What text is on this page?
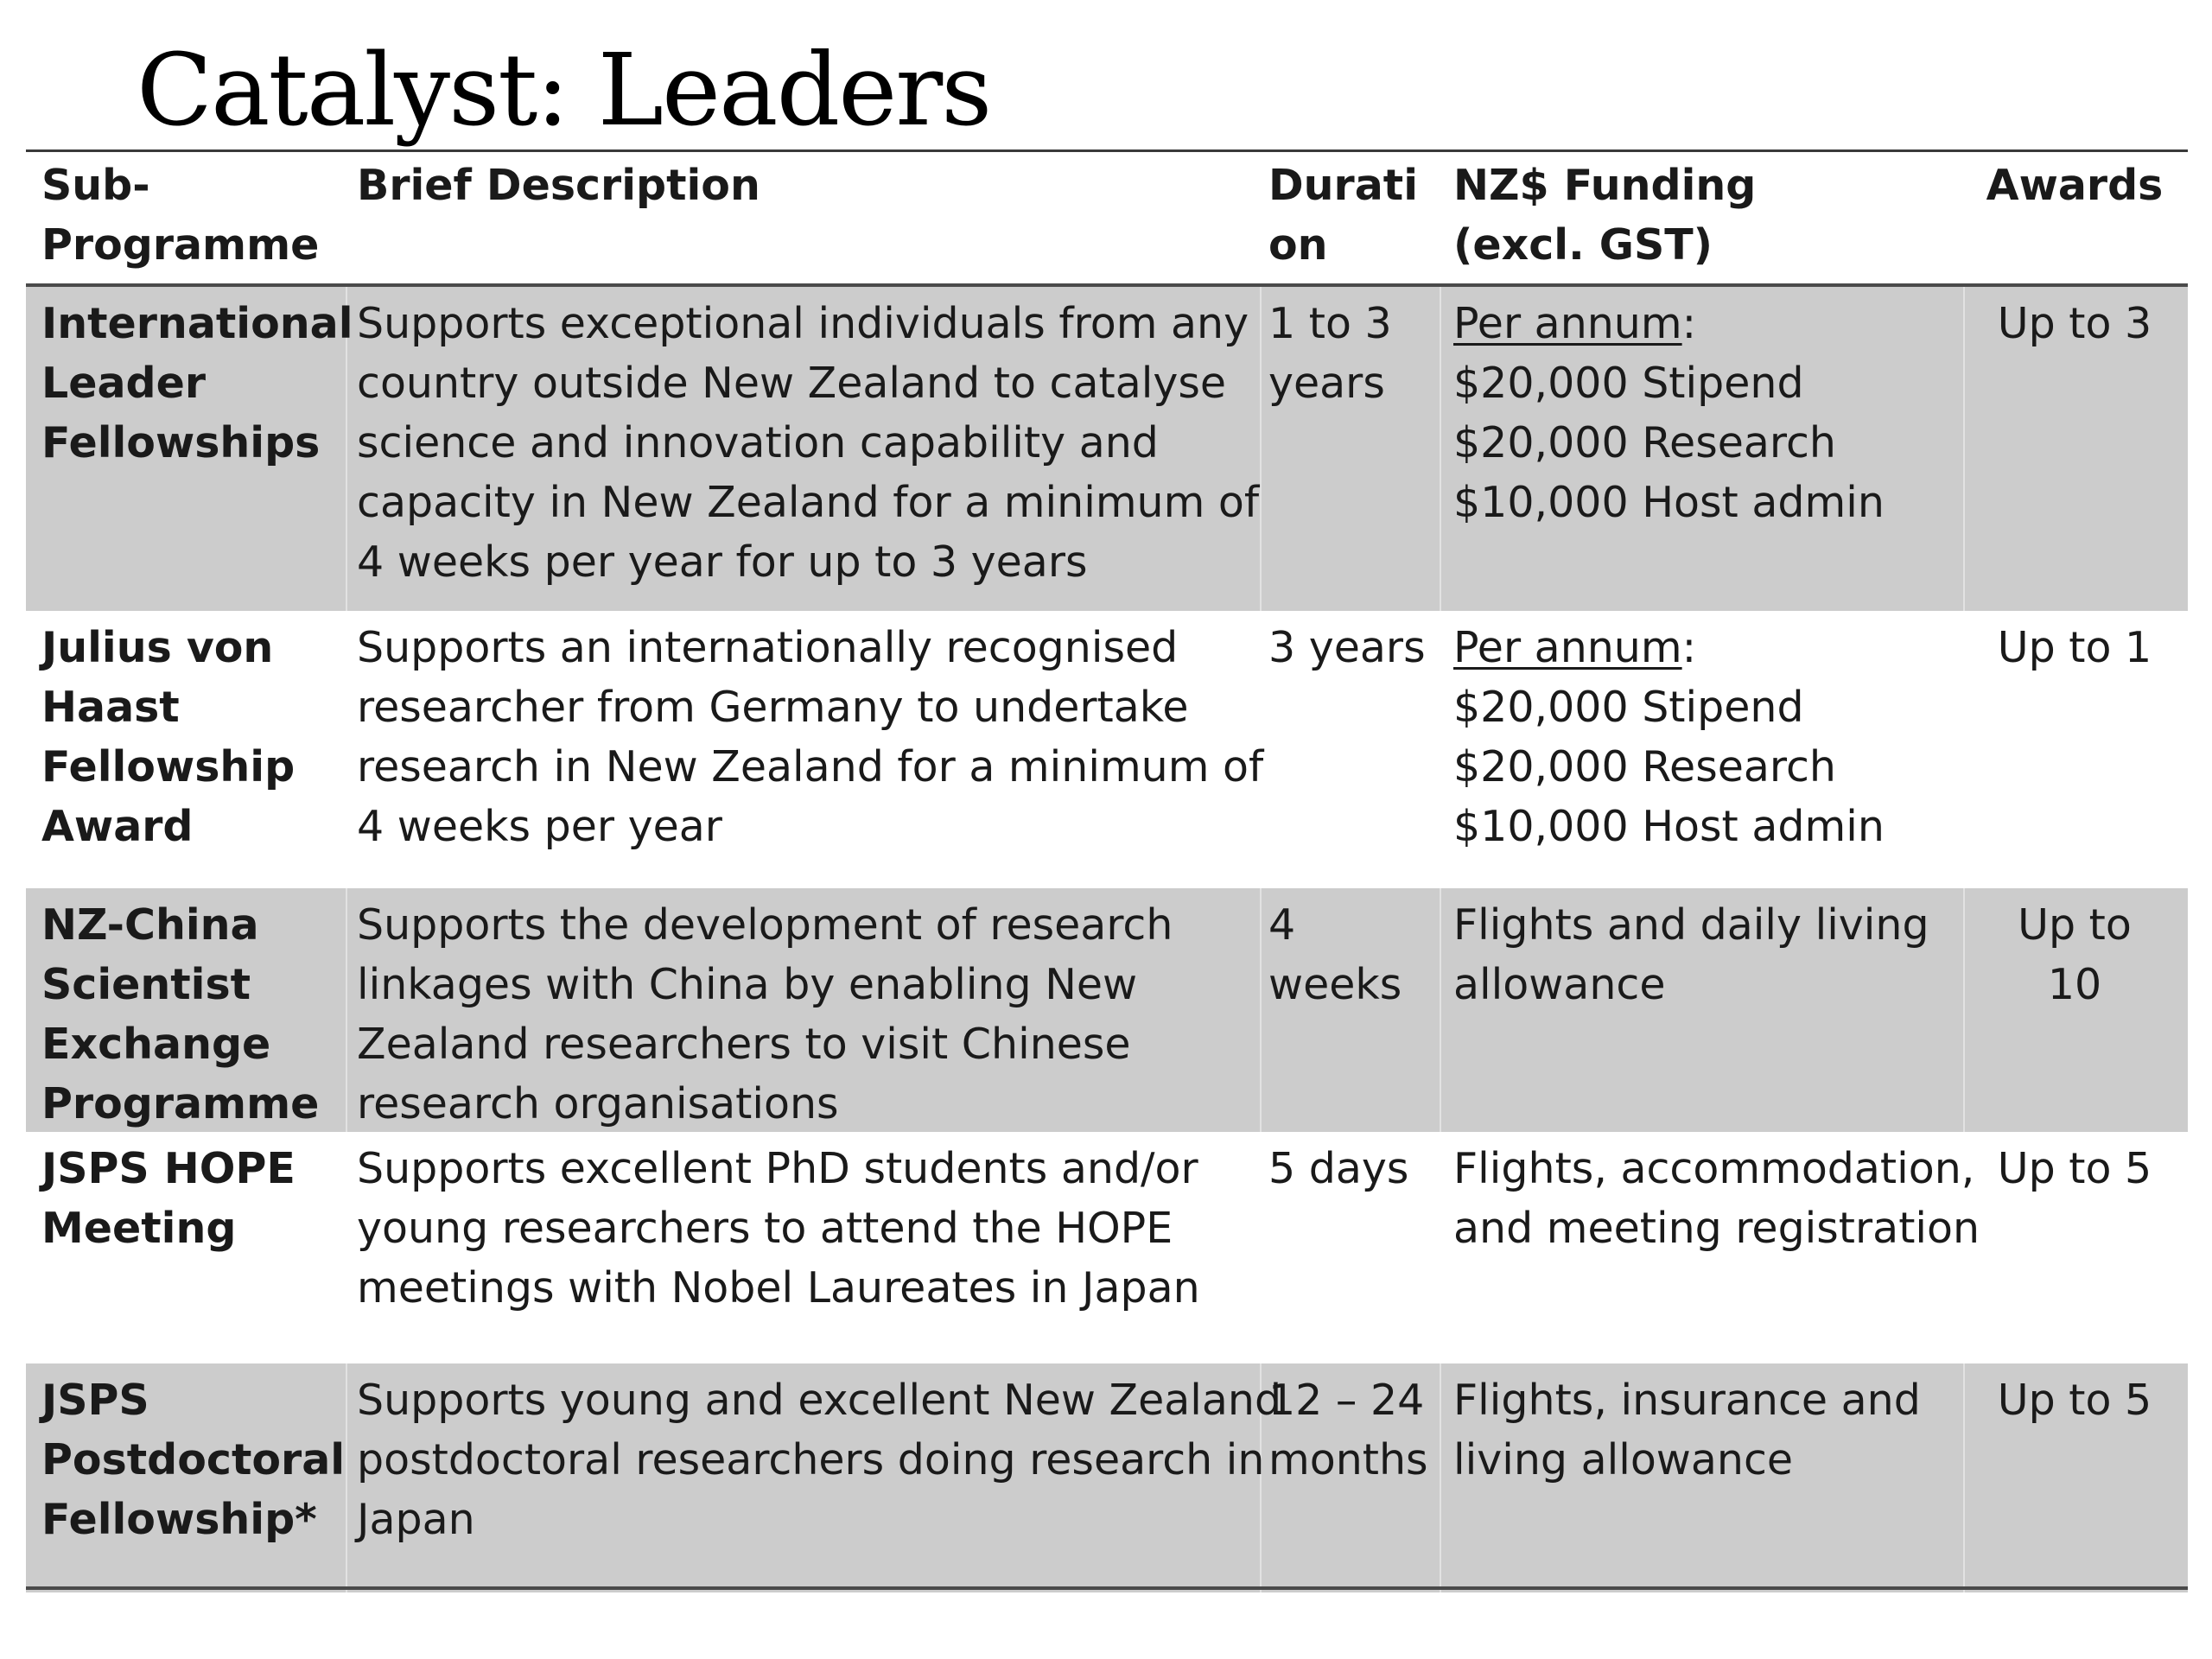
Catalyst: Leaders
Sub-
Programme
Brief Description	Durati
on
NZ$ Funding
(excl. GST)
Awards
International
Leader
Fellowships
Supports exceptional individuals from any
country outside New Zealand to catalyse
science and innovation capability and
capacity in New Zealand for a minimum of
4 weeks per year for up to 3 years
1 to 3
years
Per annum:
$20,000 Stipend
$20,000 Research
$10,000 Host admin
Up to 3
Julius von
Haast
Fellowship
Award
Supports an internationally recognised
researcher from Germany to undertake
research in New Zealand for a minimum of
4 weeks per year
3 years Per annum:
$20,000 Stipend
$20,000 Research
$10,000 Host admin
Up to 1
NZ-China
Scientist
Exchange
Programme
Supports the development of research
linkages with China by enabling New
Zealand researchers to visit Chinese
research organisations
4
weeks
Flights and daily living
allowance
Up to
10
JSPS HOPE
Meeting
Supports excellent PhD students and/or
young researchers to attend the HOPE
meetings with Nobel Laureates in Japan
5 days	Flights, accommodation,
and meeting registration
Up to 5
JSPS
Postdoctoral
Fellowship*
Supports young and excellent New Zealand
postdoctoral researchers doing research in
Japan
12 – 24
months
Flights, insurance and
living allowance
Up to 5
